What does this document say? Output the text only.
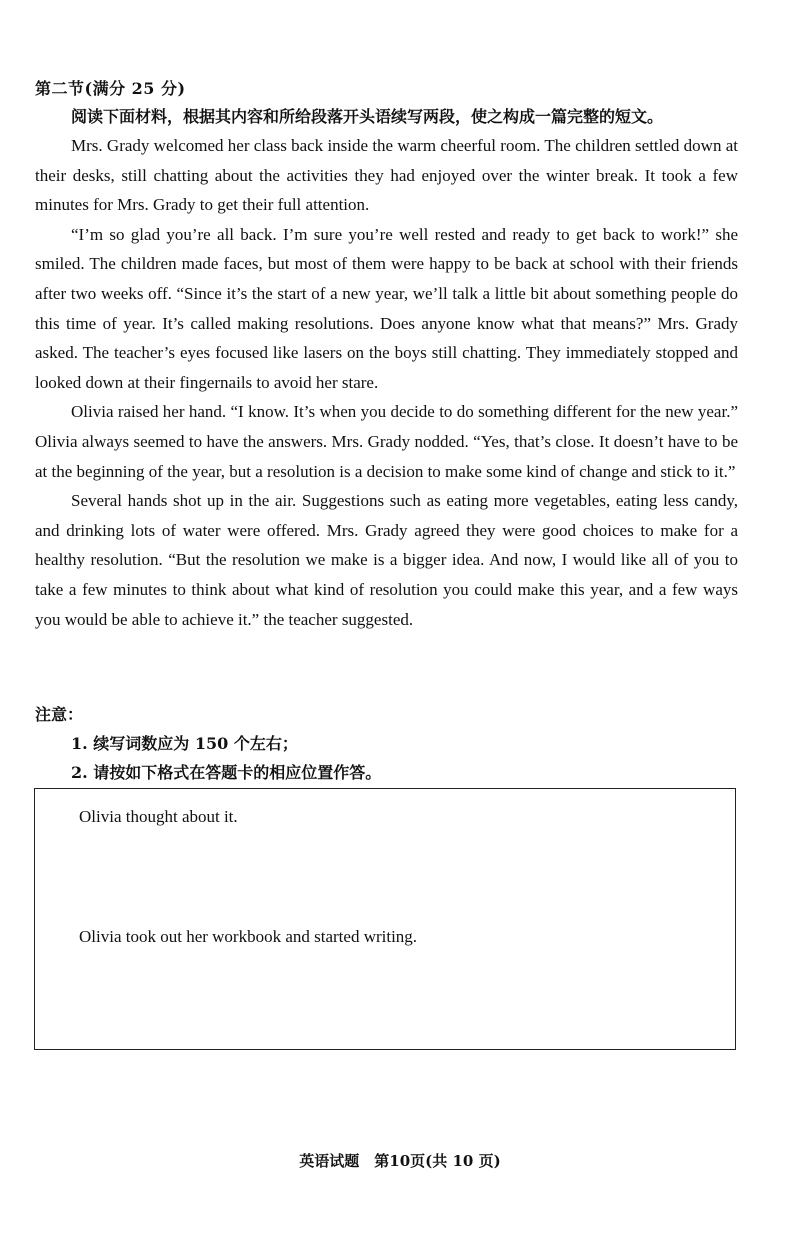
第二节(满分 25 分)
阅读下面材料，根据其内容和所给段落开头语续写两段，使之构成一篇完整的短文。

Mrs. Grady welcomed her class back inside the warm cheerful room. The children settled down at their desks, still chatting about the activities they had enjoyed over the winter break. It took a few minutes for Mrs. Grady to get their full attention.

“I’m so glad you’re all back. I’m sure you’re well rested and ready to get back to work!” she smiled. The children made faces, but most of them were happy to be back at school with their friends after two weeks off. “Since it’s the start of a new year, we’ll talk a little bit about something people do this time of year. It’s called making resolutions. Does anyone know what that means?” Mrs. Grady asked. The teacher’s eyes focused like lasers on the boys still chatting. They immediately stopped and looked down at their fingernails to avoid her stare.

Olivia raised her hand. “I know. It’s when you decide to do something different for the new year.” Olivia always seemed to have the answers. Mrs. Grady nodded. “Yes, that’s close. It doesn’t have to be at the beginning of the year, but a resolution is a decision to make some kind of change and stick to it.”

Several hands shot up in the air. Suggestions such as eating more vegetables, eating less candy, and drinking lots of water were offered. Mrs. Grady agreed they were good choices to make for a healthy resolution. “But the resolution we make is a bigger idea. And now, I would like all of you to take a few minutes to think about what kind of resolution you could make this year, and a few ways you would be able to achieve it.” the teacher suggested.

注意：
1. 续写词数应为 150 个左右；
2. 请按如下格式在答题卡的相应位置作答。
Olivia thought about it.
Olivia took out her workbook and started writing.
英语试题　第10页(共 10 页)
